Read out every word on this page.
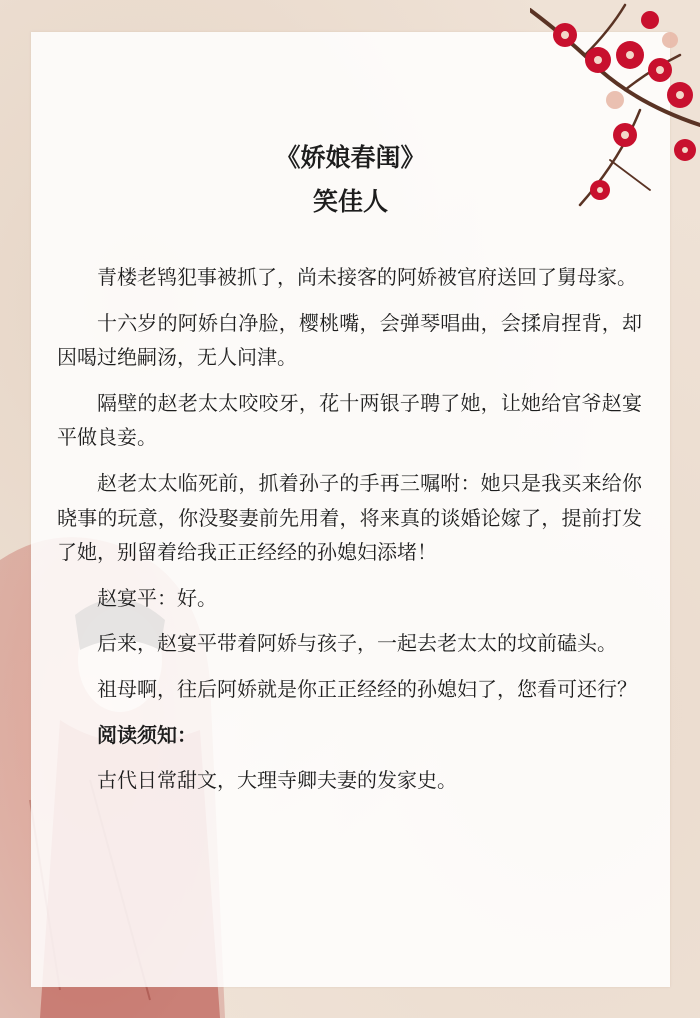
《娇娘春闺》
笑佳人

青楼老鸨犯事被抓了，尚未接客的阿娇被官府送回了舅母家。

十六岁的阿娇白净脸，樱桃嘴，会弹琴唱曲，会揉肩捏背，却因喝过绝嗣汤，无人问津。

隔壁的赵老太太咬咬牙，花十两银子聘了她，让她给官爷赵宴平做良妾。

赵老太太临死前，抓着孙子的手再三嘱咐：她只是我买来给你晓事的玩意，你没娶妻前先用着，将来真的谈婚论嫁了，提前打发了她，别留着给我正正经经的孙媳妇添堵！

赵宴平：好。

后来，赵宴平带着阿娇与孩子，一起去老太太的坟前磕头。

祖母啊，往后阿娇就是你正正经经的孙媳妇了，您看可还行？

阅读须知：

古代日常甜文，大理寺卿夫妻的发家史。
